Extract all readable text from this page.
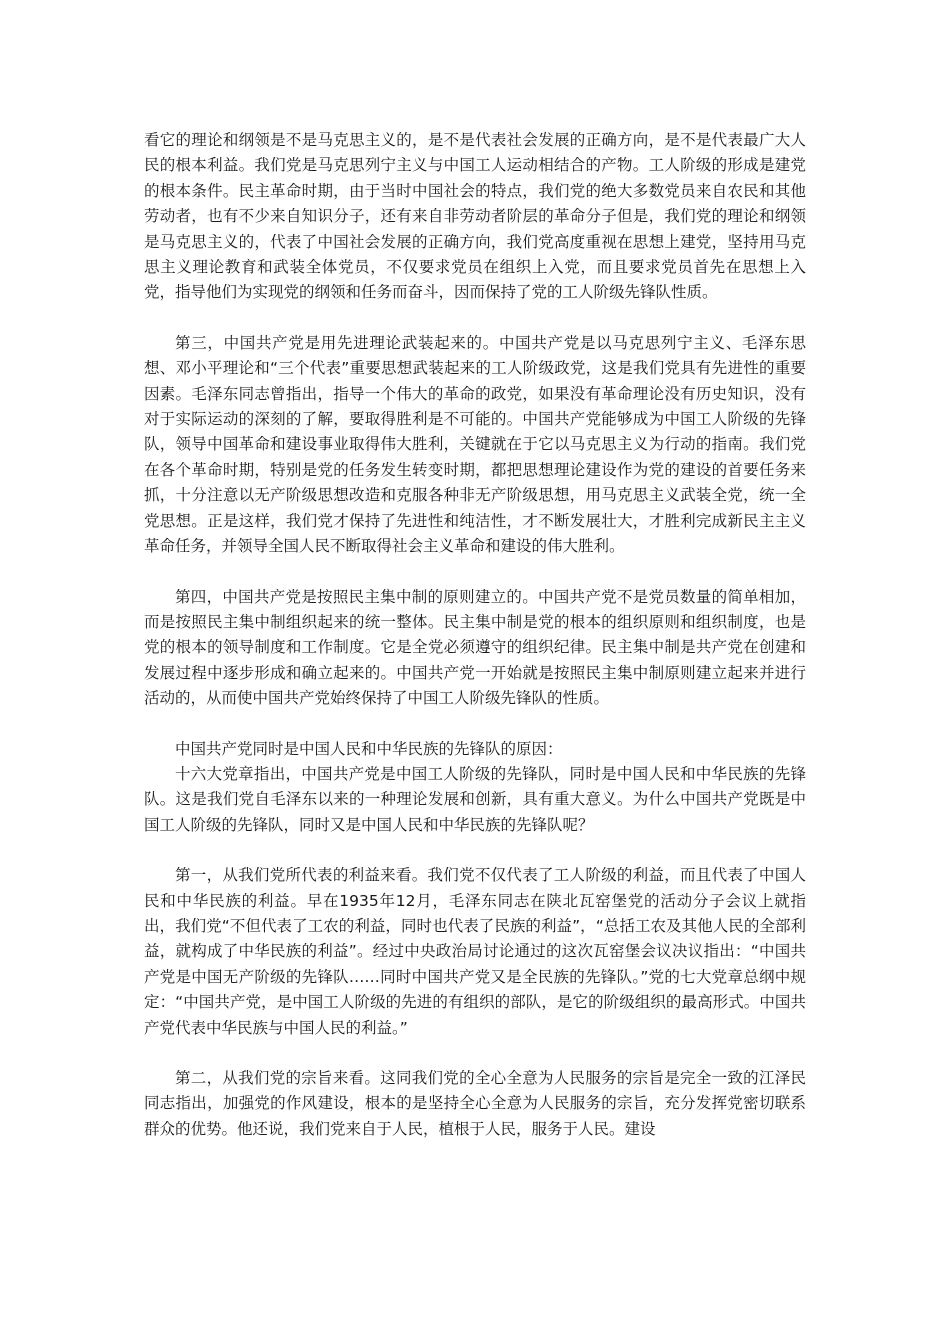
看它的理论和纲领是不是马克思主义的，是不是代表社会发展的正确方向，是不是代表最广大人民的根本利益。我们党是马克思列宁主义与中国工人运动相结合的产物。工人阶级的形成是建党的根本条件。民主革命时期，由于当时中国社会的特点，我们党的绝大多数党员来自农民和其他劳动者，也有不少来自知识分子，还有来自非劳动者阶层的革命分子但是，我们党的理论和纲领是马克思主义的，代表了中国社会发展的正确方向，我们党高度重视在思想上建党，坚持用马克思主义理论教育和武装全体党员，不仅要求党员在组织上入党，而且要求党员首先在思想上入党，指导他们为实现党的纲领和任务而奋斗，因而保持了党的工人阶级先锋队性质。

第三，中国共产党是用先进理论武装起来的。中国共产党是以马克思列宁主义、毛泽东思想、邓小平理论和“三个代表”重要思想武装起来的工人阶级政党，这是我们党具有先进性的重要因素。毛泽东同志曾指出，指导一个伟大的革命的政党，如果没有革命理论没有历史知识，没有对于实际运动的深刻的了解，要取得胜利是不可能的。中国共产党能够成为中国工人阶级的先锋队，领导中国革命和建设事业取得伟大胜利，关键就在于它以马克思主义为行动的指南。我们党在各个革命时期，特别是党的任务发生转变时期，都把思想理论建设作为党的建设的首要任务来抓，十分注意以无产阶级思想改造和克服各种非无产阶级思想，用马克思主义武装全党，统一全党思想。正是这样，我们党才保持了先进性和纯洁性，才不断发展壮大，才胜利完成新民主主义革命任务，并领导全国人民不断取得社会主义革命和建设的伟大胜利。

第四，中国共产党是按照民主集中制的原则建立的。中国共产党不是党员数量的简单相加，而是按照民主集中制组织起来的统一整体。民主集中制是党的根本的组织原则和组织制度，也是党的根本的领导制度和工作制度。它是全党必须遵守的组织纪律。民主集中制是共产党在创建和发展过程中逐步形成和确立起来的。中国共产党一开始就是按照民主集中制原则建立起来并进行活动的，从而使中国共产党始终保持了中国工人阶级先锋队的性质。

中国共产党同时是中国人民和中华民族的先锋队的原因：

十六大党章指出，中国共产党是中国工人阶级的先锋队，同时是中国人民和中华民族的先锋队。这是我们党自毛泽东以来的一种理论发展和创新，具有重大意义。为什么中国共产党既是中国工人阶级的先锋队，同时又是中国人民和中华民族的先锋队呢？

第一，从我们党所代表的利益来看。我们党不仅代表了工人阶级的利益，而且代表了中国人民和中华民族的利益。早在1935年12月，毛泽东同志在陕北瓦窑堡党的活动分子会议上就指出，我们党“不但代表了工农的利益，同时也代表了民族的利益”，“总括工农及其他人民的全部利益，就构成了中华民族的利益”。经过中央政治局讨论通过的这次瓦窑堡会议决议指出：“中国共产党是中国无产阶级的先锋队……同时中国共产党又是全民族的先锋队。”党的七大党章总纲中规定：“中国共产党，是中国工人阶级的先进的有组织的部队，是它的阶级组织的最高形式。中国共产党代表中华民族与中国人民的利益。”

第二，从我们党的宗旨来看。这同我们党的全心全意为人民服务的宗旨是完全一致的江泽民同志指出，加强党的作风建设，根本的是坚持全心全意为人民服务的宗旨，充分发挥党密切联系群众的优势。他还说，我们党来自于人民，植根于人民，服务于人民。建设
